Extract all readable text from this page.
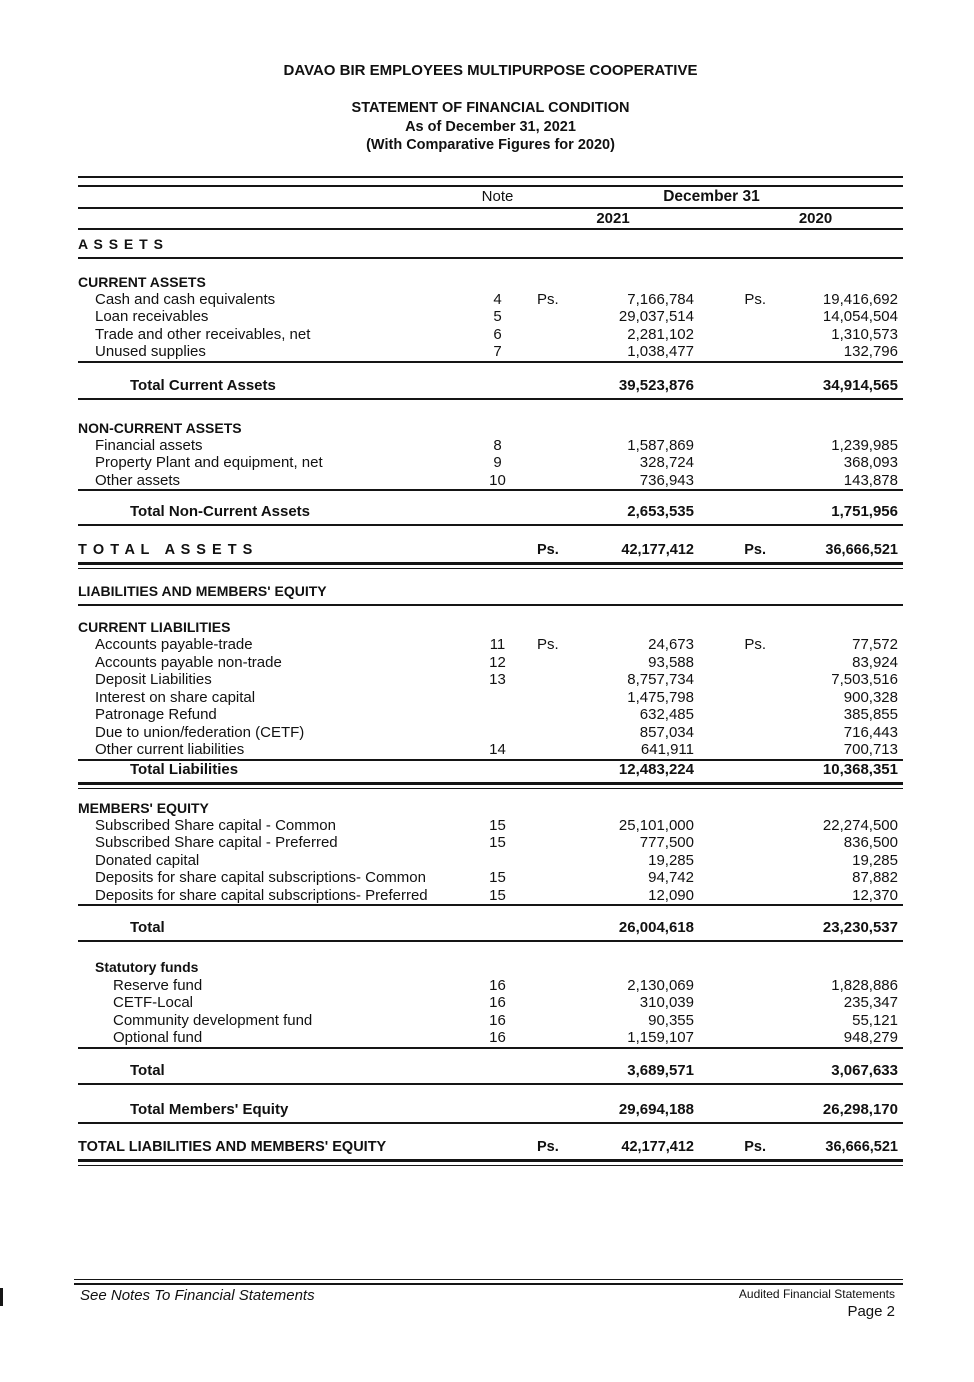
DAVAO BIR EMPLOYEES MULTIPURPOSE COOPERATIVE
STATEMENT OF FINANCIAL CONDITION
As of December 31, 2021
(With Comparative Figures for 2020)
Note	December 31
2021	2020
A S S E T S
CURRENT ASSETS
Cash and cash equivalents	4	Ps.	7,166,784	Ps.	19,416,692
Loan receivables	5	29,037,514	14,054,504
Trade and other receivables, net	6	2,281,102	1,310,573
Unused supplies	7	1,038,477	132,796
Total Current Assets	39,523,876	34,914,565
NON-CURRENT ASSETS
Financial assets	8	1,587,869	1,239,985
Property Plant and equipment, net	9	328,724	368,093
Other assets	10	736,943	143,878
Total Non-Current Assets	2,653,535	1,751,956
T O T A L   A S S E T S	Ps.	42,177,412	Ps.	36,666,521
LIABILITIES AND MEMBERS' EQUITY
CURRENT LIABILITIES
Accounts payable-trade	11	Ps.	24,673	Ps.	77,572
Accounts payable non-trade	12	93,588	83,924
Deposit Liabilities	13	8,757,734	7,503,516
Interest on share capital	1,475,798	900,328
Patronage Refund	632,485	385,855
Due to union/federation (CETF)	857,034	716,443
Other current liabilities	14	641,911	700,713
Total Liabilities	12,483,224	10,368,351
MEMBERS' EQUITY
Subscribed Share capital - Common	15	25,101,000	22,274,500
Subscribed Share capital - Preferred	15	777,500	836,500
Donated capital	19,285	19,285
Deposits for share capital subscriptions- Common	15	94,742	87,882
Deposits for share capital subscriptions- Preferred	15	12,090	12,370
Total	26,004,618	23,230,537
Statutory funds
Reserve fund	16	2,130,069	1,828,886
CETF-Local	16	310,039	235,347
Community development fund	16	90,355	55,121
Optional fund	16	1,159,107	948,279
Total	3,689,571	3,067,633
Total Members' Equity	29,694,188	26,298,170
TOTAL LIABILITIES AND MEMBERS' EQUITY	Ps.	42,177,412	Ps.	36,666,521
See Notes To Financial Statements	Audited Financial Statements
Page 2
